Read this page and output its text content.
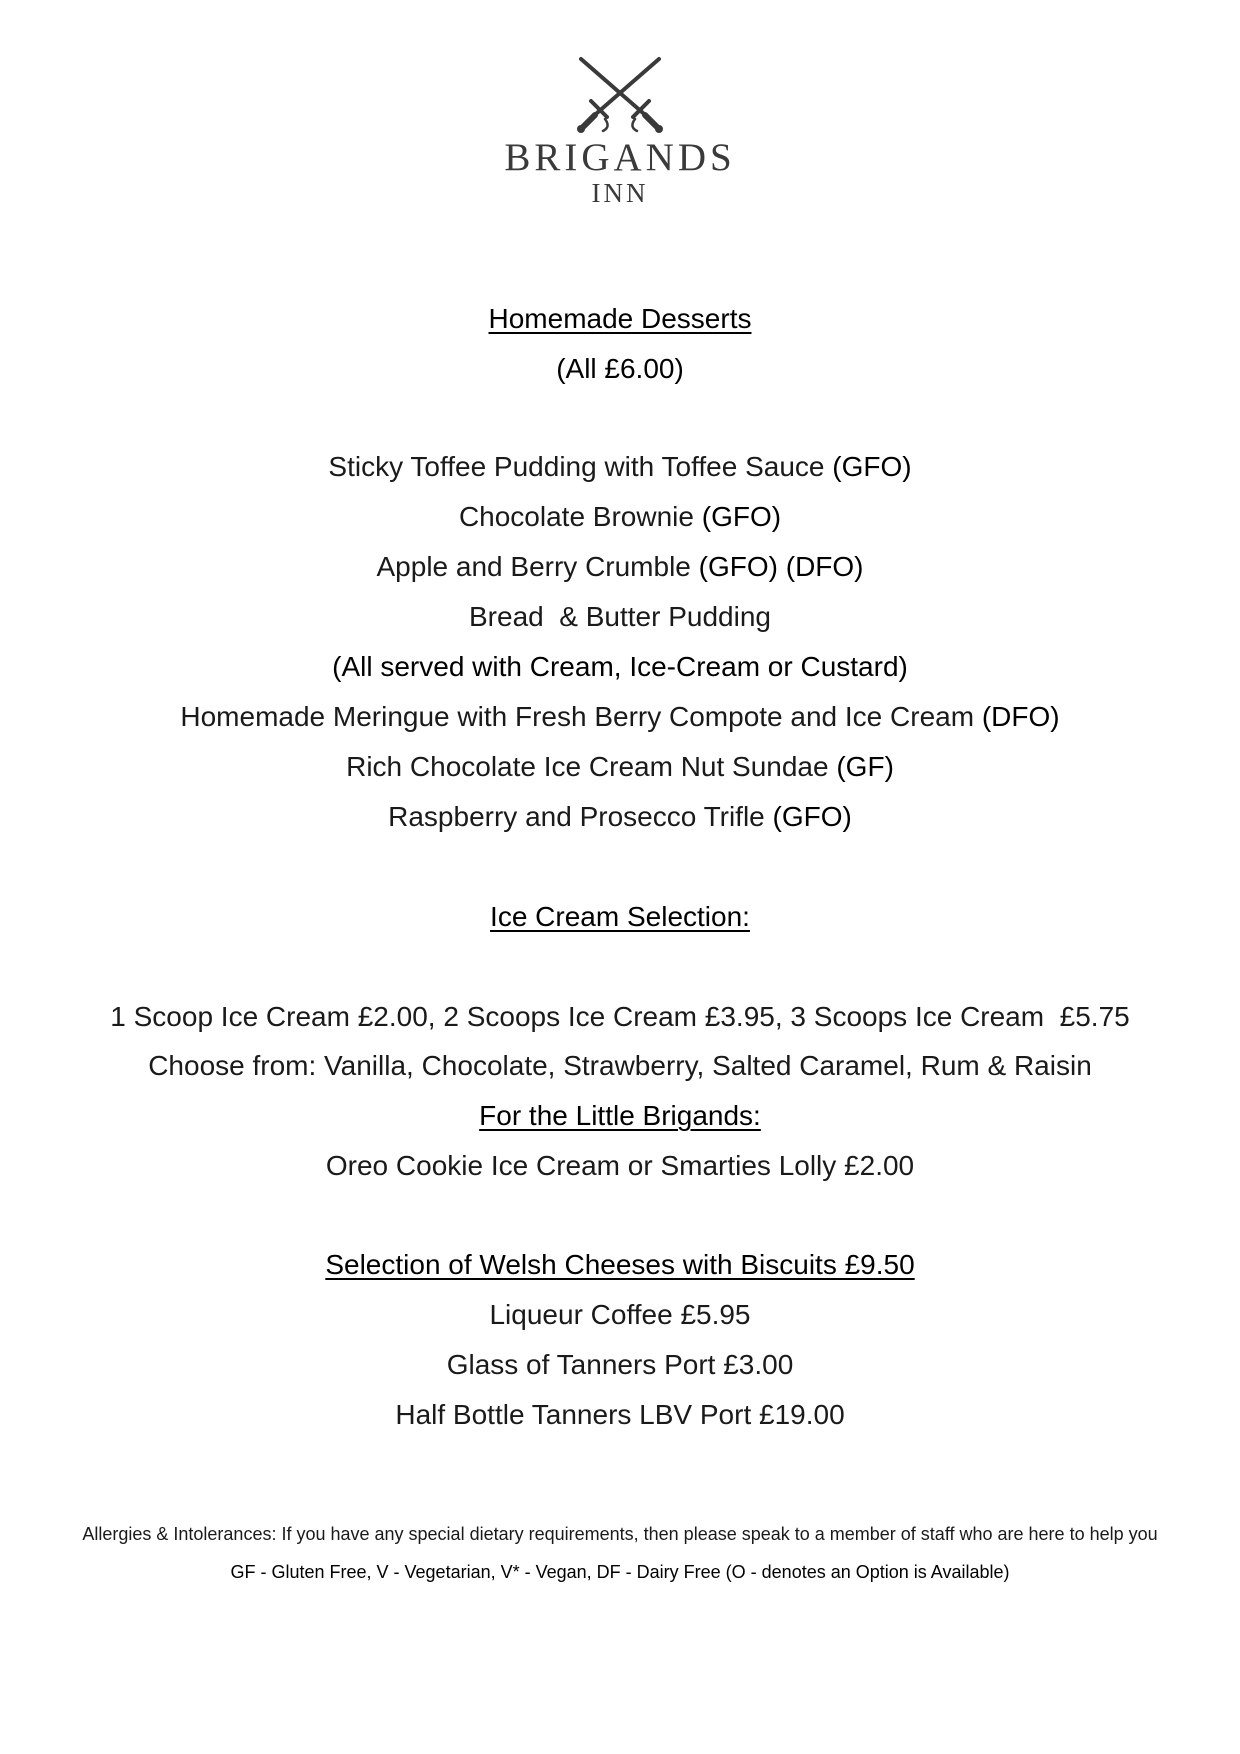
BRIGANDS
INN
Homemade Desserts
(All £6.00)
Sticky Toffee Pudding with Toffee Sauce (GFO)
Chocolate Brownie (GFO)
Apple and Berry Crumble (GFO) (DFO)
Bread  & Butter Pudding
(All served with Cream, Ice-Cream or Custard)
Homemade Meringue with Fresh Berry Compote and Ice Cream (DFO)
Rich Chocolate Ice Cream Nut Sundae (GF)
Raspberry and Prosecco Trifle (GFO)
Ice Cream Selection:
1 Scoop Ice Cream £2.00, 2 Scoops Ice Cream £3.95, 3 Scoops Ice Cream  £5.75
Choose from: Vanilla, Chocolate, Strawberry, Salted Caramel, Rum & Raisin
For the Little Brigands:
Oreo Cookie Ice Cream or Smarties Lolly £2.00
Selection of Welsh Cheeses with Biscuits £9.50
Liqueur Coffee £5.95
Glass of Tanners Port £3.00
Half Bottle Tanners LBV Port £19.00
Allergies & Intolerances: If you have any special dietary requirements, then please speak to a member of staff who are here to help you
GF - Gluten Free, V - Vegetarian, V* - Vegan, DF - Dairy Free (O - denotes an Option is Available)
